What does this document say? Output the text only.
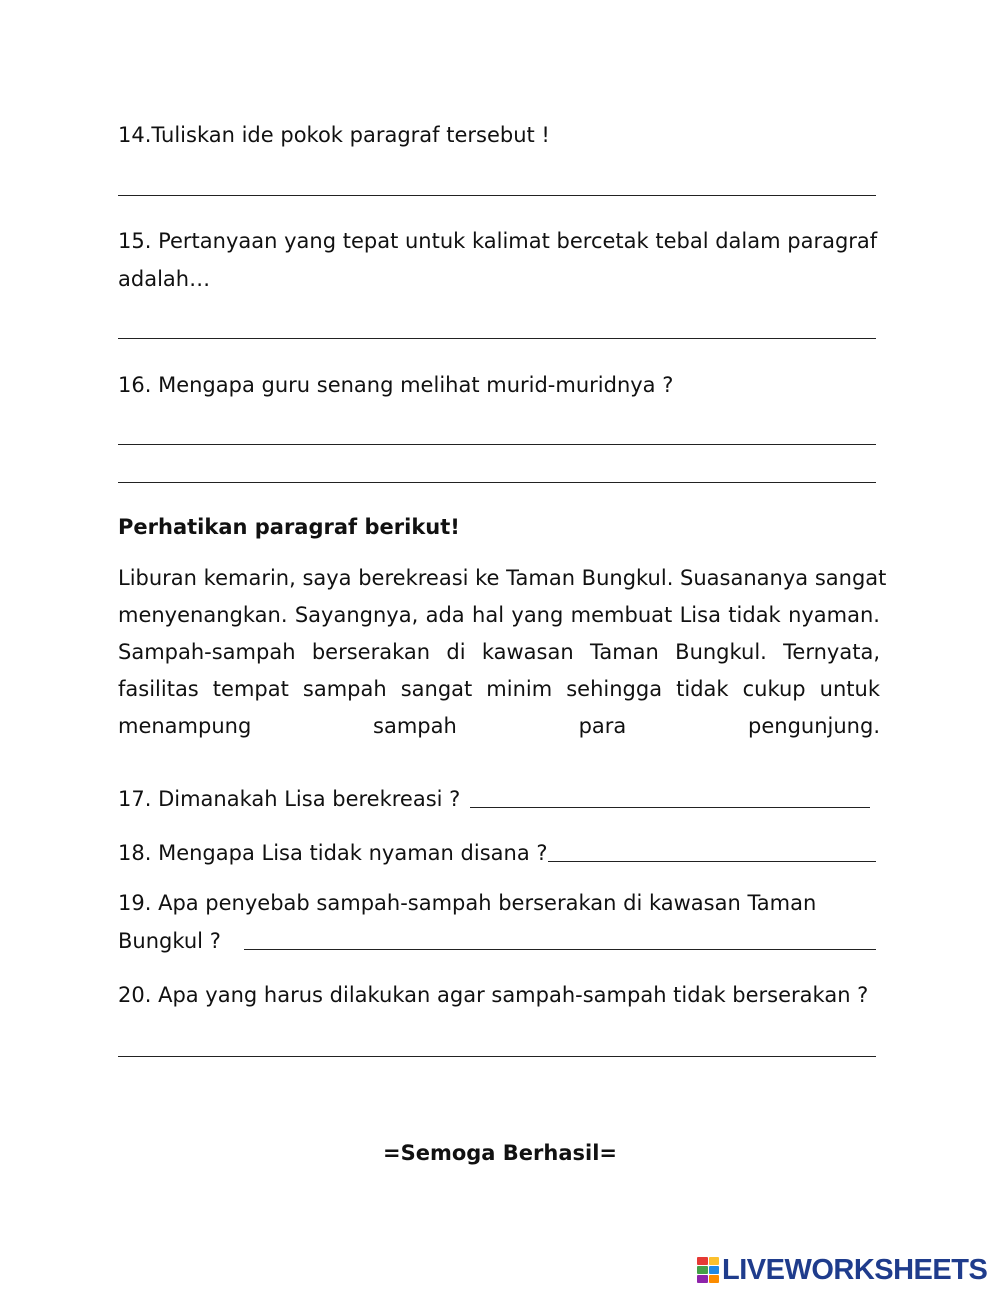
14.Tuliskan ide pokok paragraf tersebut !
15. Pertanyaan yang tepat untuk kalimat bercetak tebal dalam paragraf
adalah…
16. Mengapa guru senang melihat murid-muridnya ?
Perhatikan paragraf berikut!
Liburan kemarin, saya berekreasi ke Taman Bungkul. Suasananya sangat
menyenangkan. Sayangnya, ada hal yang membuat Lisa tidak nyaman.
Sampah-sampah berserakan di kawasan Taman Bungkul. Ternyata,
fasilitas tempat sampah sangat minim sehingga tidak cukup untuk
menampung sampah para pengunjung.
17. Dimanakah Lisa berekreasi ?
18. Mengapa Lisa tidak nyaman disana ?
19. Apa penyebab sampah-sampah berserakan di kawasan Taman
Bungkul ?
20. Apa yang harus dilakukan agar sampah-sampah tidak berserakan ?
=Semoga Berhasil=
LIVEWORKSHEETS
